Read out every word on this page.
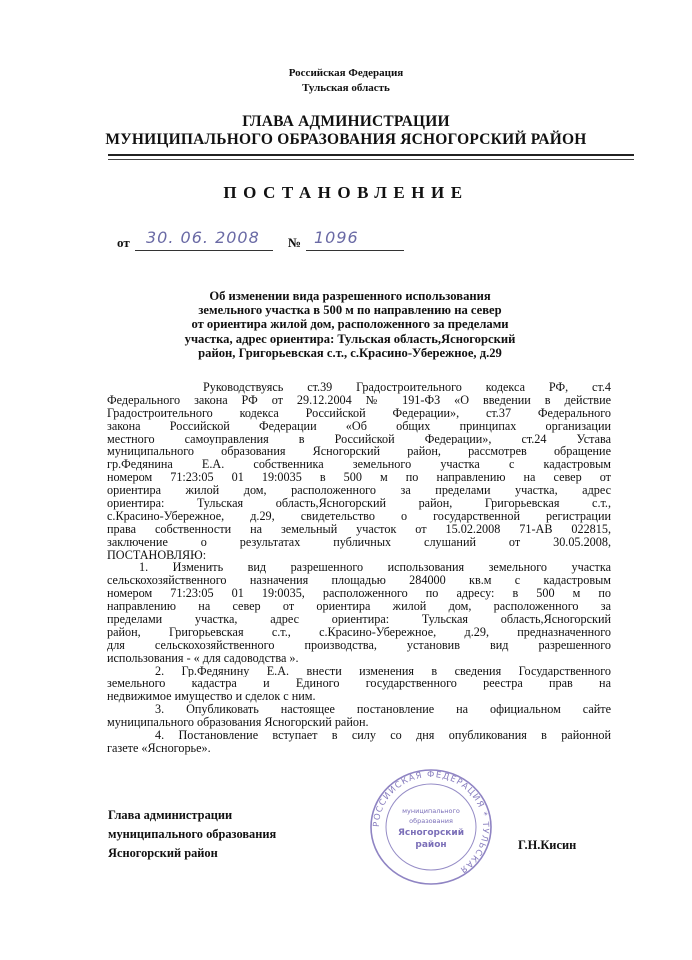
Российская Федерация
Тульская область
ГЛАВА АДМИНИСТРАЦИИ
МУНИЦИПАЛЬНОГО ОБРАЗОВАНИЯ ЯСНОГОРСКИЙ РАЙОН
ПОСТАНОВЛЕНИЕ
от 30. 06. 2008 № 1096
Об изменении вида разрешенного использования
земельного участка в 500 м по направлению на север
от ориентира жилой дом, расположенного за пределами
участка, адрес ориентира: Тульская область,Ясногорский
район, Григорьевская с.т., с.Красино-Убережное, д.29
Руководствуясь ст.39 Градостроительного кодекса РФ, ст.4
Федерального закона РФ от 29.12.2004 № 191-ФЗ «О введении в действие
Градостроительного кодекса Российской Федерации», ст.37 Федерального
закона Российской Федерации «Об общих принципах организации
местного самоуправления в Российской Федерации», ст.24 Устава
муниципального образования Ясногорский район, рассмотрев обращение
гр.Федянина Е.А. собственника земельного участка с кадастровым
номером 71:23:05 01 19:0035 в 500 м по направлению на север от
ориентира жилой дом, расположенного за пределами участка, адрес
ориентира: Тульская область,Ясногорский район, Григорьевская с.т.,
с.Красино-Убережное, д.29, свидетельство о государственной регистрации
права собственности на земельный участок от 15.02.2008 71-АВ 022815,
заключение о результатах публичных слушаний от 30.05.2008,
ПОСТАНОВЛЯЮ:
1. Изменить вид разрешенного использования земельного участка
сельскохозяйственного назначения площадью 284000 кв.м с кадастровым
номером 71:23:05 01 19:0035, расположенного по адресу: в 500 м по
направлению на север от ориентира жилой дом, расположенного за
пределами участка, адрес ориентира: Тульская область,Ясногорский
район, Григорьевская с.т., с.Красино-Убережное, д.29, предназначенного
для сельскохозяйственного производства, установив вид разрешенного
использования - « для садоводства ».
2. Гр.Федянину Е.А. внести изменения в сведения Государственного
земельного кадастра и Единого государственного реестра прав на
недвижимое имущество и сделок с ним.
3. Опубликовать настоящее постановление на официальном сайте
муниципального образования Ясногорский район.
4. Постановление вступает в силу со дня опубликования в районной
газете «Ясногорье».
РОССИЙСКАЯ ФЕДЕРАЦИЯ * ТУЛЬСКАЯ
муниципального
образования
Ясногорский
район
Глава администрации
муниципального образования
Ясногорский район
Г.Н.Кисин
